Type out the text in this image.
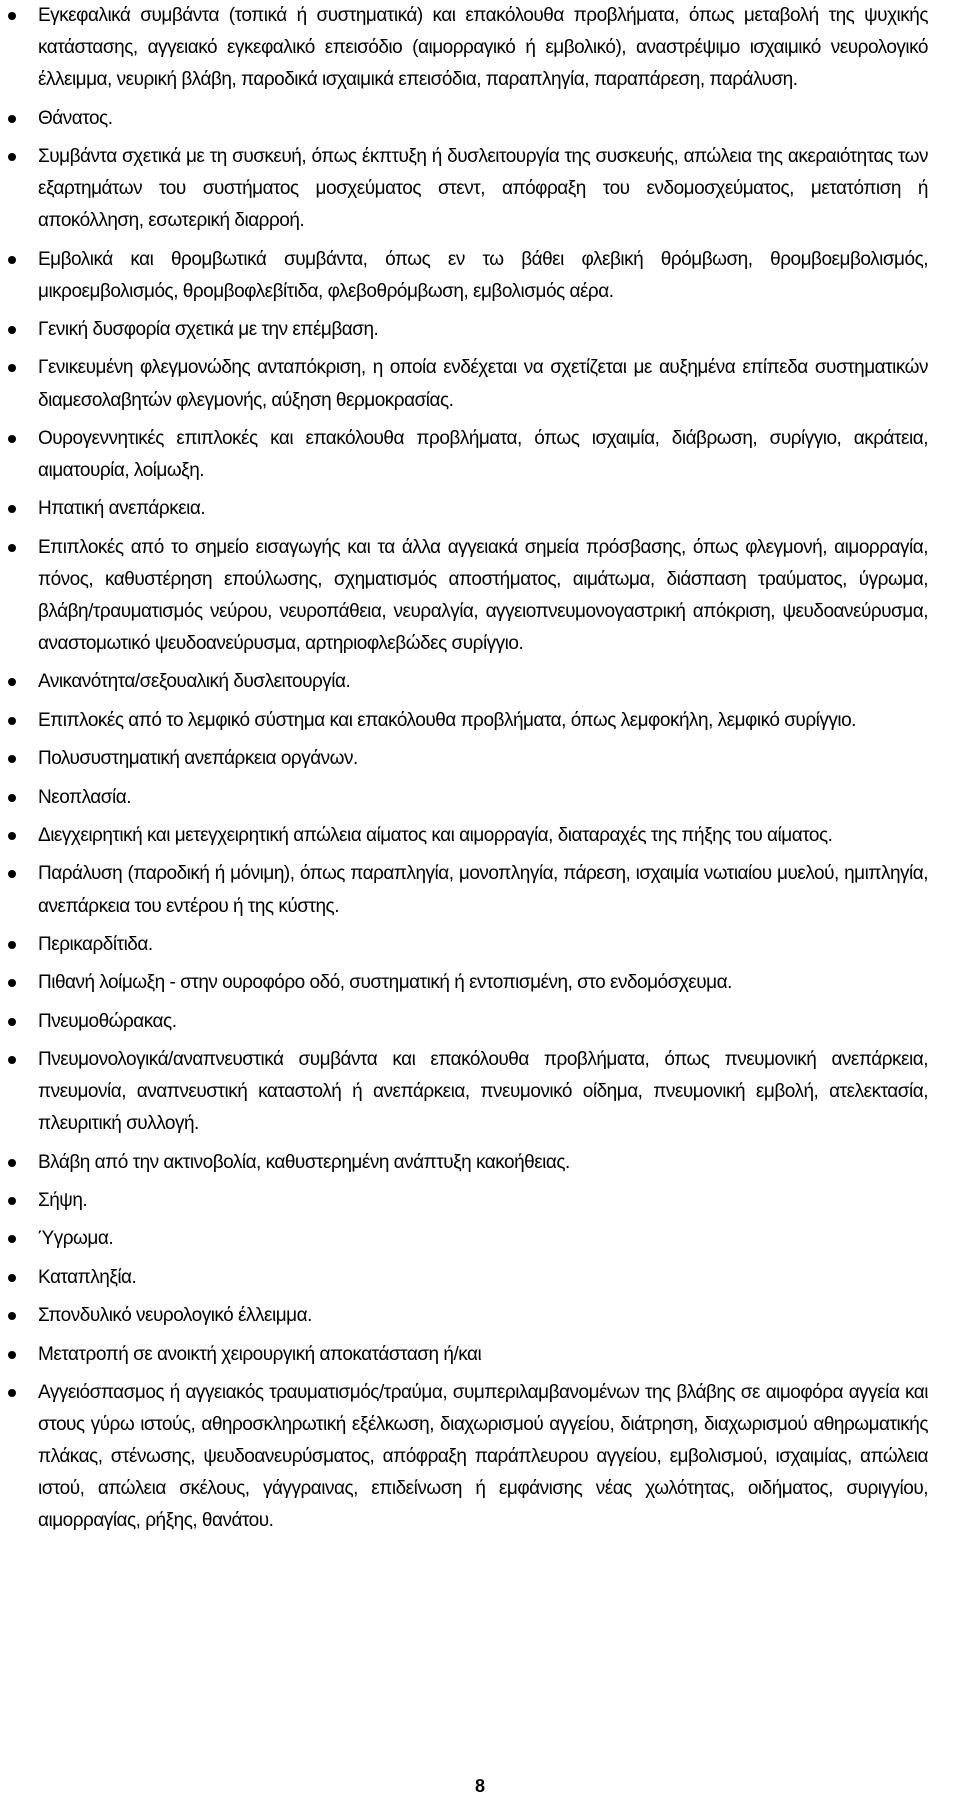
Εγκεφαλικά συμβάντα (τοπικά ή συστηματικά) και επακόλουθα προβλήματα, όπως μεταβολή της ψυχικής κατάστασης, αγγειακό εγκεφαλικό επεισόδιο (αιμορραγικό ή εμβολικό), αναστρέψιμο ισχαιμικό νευρολογικό έλλειμμα, νευρική βλάβη, παροδικά ισχαιμικά επεισόδια, παραπληγία, παραπάρεση, παράλυση.
Θάνατος.
Συμβάντα σχετικά με τη συσκευή, όπως έκπτυξη ή δυσλειτουργία της συσκευής, απώλεια της ακεραιότητας των εξαρτημάτων του συστήματος μοσχεύματος στεντ, απόφραξη του ενδομοσχεύματος, μετατόπιση ή αποκόλληση, εσωτερική διαρροή.
Εμβολικά και θρομβωτικά συμβάντα, όπως εν τω βάθει φλεβική θρόμβωση, θρομβοεμβολισμός, μικροεμβολισμός, θρομβοφλεβίτιδα, φλεβοθρόμβωση, εμβολισμός αέρα.
Γενική δυσφορία σχετικά με την επέμβαση.
Γενικευμένη φλεγμονώδης ανταπόκριση, η οποία ενδέχεται να σχετίζεται με αυξημένα επίπεδα συστηματικών διαμεσολαβητών φλεγμονής, αύξηση θερμοκρασίας.
Ουρογεννητικές επιπλοκές και επακόλουθα προβλήματα, όπως ισχαιμία, διάβρωση, συρίγγιο, ακράτεια, αιματουρία, λοίμωξη.
Ηπατική ανεπάρκεια.
Επιπλοκές από το σημείο εισαγωγής και τα άλλα αγγειακά σημεία πρόσβασης, όπως φλεγμονή, αιμορραγία, πόνος, καθυστέρηση επούλωσης, σχηματισμός αποστήματος, αιμάτωμα, διάσπαση τραύματος, ύγρωμα, βλάβη/τραυματισμός νεύρου, νευροπάθεια, νευραλγία, αγγειοπνευμονογαστρική απόκριση, ψευδοανεύρυσμα, αναστομωτικό ψευδοανεύρυσμα, αρτηριοφλεβώδες συρίγγιο.
Ανικανότητα/σεξουαλική δυσλειτουργία.
Επιπλοκές από το λεμφικό σύστημα και επακόλουθα προβλήματα, όπως λεμφοκήλη, λεμφικό συρίγγιο.
Πολυσυστηματική ανεπάρκεια οργάνων.
Νεοπλασία.
Διεγχειρητική και μετεγχειρητική απώλεια αίματος και αιμορραγία, διαταραχές της πήξης του αίματος.
Παράλυση (παροδική ή μόνιμη), όπως παραπληγία, μονοπληγία, πάρεση, ισχαιμία νωτιαίου μυελού, ημιπληγία, ανεπάρκεια του εντέρου ή της κύστης.
Περικαρδίτιδα.
Πιθανή λοίμωξη - στην ουροφόρο οδό, συστηματική ή εντοπισμένη, στο ενδομόσχευμα.
Πνευμοθώρακας.
Πνευμονολογικά/αναπνευστικά συμβάντα και επακόλουθα προβλήματα, όπως πνευμονική ανεπάρκεια, πνευμονία, αναπνευστική καταστολή ή ανεπάρκεια, πνευμονικό οίδημα, πνευμονική εμβολή, ατελεκτασία, πλευριτική συλλογή.
Βλάβη από την ακτινοβολία, καθυστερημένη ανάπτυξη κακοήθειας.
Σήψη.
Ύγρωμα.
Καταπληξία.
Σπονδυλικό νευρολογικό έλλειμμα.
Μετατροπή σε ανοικτή χειρουργική αποκατάσταση ή/και
Αγγειόσπασμος ή αγγειακός τραυματισμός/τραύμα, συμπεριλαμβανομένων της βλάβης σε αιμοφόρα αγγεία και στους γύρω ιστούς, αθηροσκληρωτική εξέλκωση, διαχωρισμού αγγείου, διάτρηση, διαχωρισμού αθηρωματικής πλάκας, στένωσης, ψευδοανευρύσματος, απόφραξη παράπλευρου αγγείου, εμβολισμού, ισχαιμίας, απώλεια ιστού, απώλεια σκέλους, γάγγραινας, επιδείνωση ή εμφάνισης νέας χωλότητας, οιδήματος, συριγγίου, αιμορραγίας, ρήξης, θανάτου.
8
